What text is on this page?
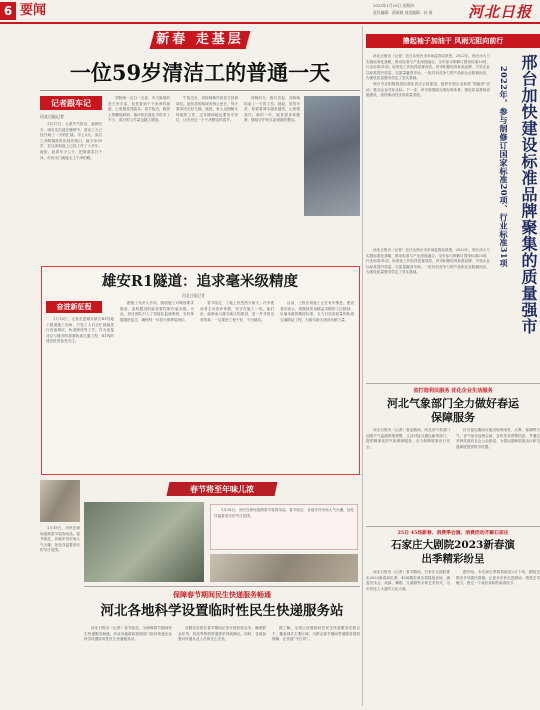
6 要闻	2023年1月19日 星期四
责任编辑：薛丽敏 视觉编辑：孙 海 河北日报
新春 走基层
一位59岁清洁工的普通一天
记者跟车记
河北日报记者

1月17日，大寒节气将至，凌晨时分，城市还沉浸在睡梦中，清洁工人已经开始了一天的忙碌。早上5点，清洁工刘阿姨准时出现在路口，她今年59岁，在这条街道上已经工作了十多年。她说，趁着车少人少，把街道清扫干净，市民出门就能走上干净的路。

刘阿姨一边扫一边说，冬天最难的是天冷手冻，但是看到干干净净的街道，心里就觉得踏实。春节临近，路面上的鞭炮碎屑、落叶和垃圾比平时多了不少，清扫的工作量也随之增加。

午饭过后，刘阿姨稍作休息又回到岗位。她负责的路段有两公里长，每天要来回走好几趟。她说，家人也理解支持她的工作，过年期间她也要坚守岗位，让市民过一个干净整洁的春节。

傍晚时分，街灯亮起，刘阿姨结束了一天的工作。她说，虽然辛苦，但看着城市越来越美，心里很高兴。新的一年，她希望身体健康，继续守护好这条街道的整洁。

雄安R1隧道：追求毫米级精度
河北日报记者
奋进新征程

1月18日，记者走进雄安新区R1线地下隧道施工现场，只见工人们正忙碌地进行设备调试、轨道铺设等工作。作为连接北京与雄安的重要轨道交通工程，R1线的建设进度备受关注。

据施工负责人介绍，隧道施工对精度要求极高，盾构掘进的偏差要控制在毫米级。为此，项目团队引入了智能化监测系统，实时掌握掘进姿态，确保每一环管片都拼装到位。

春节临近，工地上依然热火朝天。许多建设者主动放弃休假，坚守在施工一线。他们说，能够参与雄安新区的建设，是一件非常光荣的事，一定要把工程干好，干出精品。

目前，工程各项施工正在有序推进。建设者们表示，将继续发扬精益求精的工匠精神，以毫米级的精度标准，全力打造高质量的轨道交通精品工程，为雄安新区建设贡献力量。

1月18日，市民在商场选购春节装饰用品。春节临近，各地年货市场人气火爆，处处洋溢着喜庆的节日氛围。

春节将至年味儿浓

1月18日，市民在商场选购春节装饰用品。春节临近，各地年货市场人气火爆，处处洋溢着喜庆的节日氛围。

保障春节期间民生快递服务畅通
河北各地科学设置临时性民生快递服务站

河北日报讯（记者）春节临近，为保障春节期间民生快递服务畅通，河北各地邮政管理部门指导快递企业科学设置临时性民生快递服务站。

各服务站将在春节期间正常开展收投业务，确保群众年货、药品等物资寄递需求得到满足。同时，各地加强对快递从业人员的关心关爱。

据了解，全省已设置临时性民生快递服务站数百个，覆盖城乡主要区域，为群众春节期间寄递服务提供保障，让快递“不打烊”。

撸起袖子加油干 风雨无阻向前行

河北日报讯（记者）近日从邢台市市场监管局获悉，2022年，邢台市大力实施标准化战略，推动标准与产业深度融合。全年参与制修订国家标准20项、行业标准31项，标准化工作取得显著成效。该市积极培育标准品牌，引导企业以标准提升质量，以质量赢得市场，一批具有竞争力的产品和企业脱颖而出，为建设质量强市奠定了坚实基础。

邢台市还积极推进标准化试点示范建设，组织开展企业标准“领跑者”活动，推动企业对标达标。下一步，该市将继续完善标准体系，强化质量基础设施建设，加快推动经济高质量发展。	邢台加快建设标准品牌聚集的质量强市
2022年，参与制修订国家标准20项、行业标准31项

河北日报讯（记者）近日从邢台市市场监管局获悉，2022年，邢台市大力实施标准化战略，推动标准与产业深度融合。全年参与制修订国家标准20项、行业标准31项，标准化工作取得显著成效。该市积极培育标准品牌，引导企业以标准提升质量，以质量赢得市场，一批具有竞争力的产品和企业脱颖而出，为建设质量强市奠定了坚实基础。

省打造利民服务 优化企业生活服务
河北气象部门全力做好春运保障服务

河北日报讯（记者）春运期间，河北省气象部门加强天气监测预报预警，主动对接交通运输等部门，提供精细化的气象保障服务，全力保障旅客出行安全。

针对春运期间可能出现的雨雪、大雾、寒潮等天气，省气象台加密会商，及时发布预警信息，并通过多种渠道向社会公众推送，为春运期间旅客出行和交通调度提供科学依据。

25日 45场新春、消费季会演、消费活动齐聚石家庄
石家庄大剧院2023新春演出季精彩纷呈

河北日报讯（记者）春节期间，石家庄大剧院推出2023新春演出季，45场精彩演出将陆续登场，涵盖音乐会、戏曲、舞剧、儿童剧等多种艺术形式，为市民送上丰富的文化大餐。

据介绍，本次演出季将持续至2月下旬，剧院还推出多项惠民措施，让更多市民走进剧场，感受艺术魅力，度过一个欢乐祥和的新春佳节。
